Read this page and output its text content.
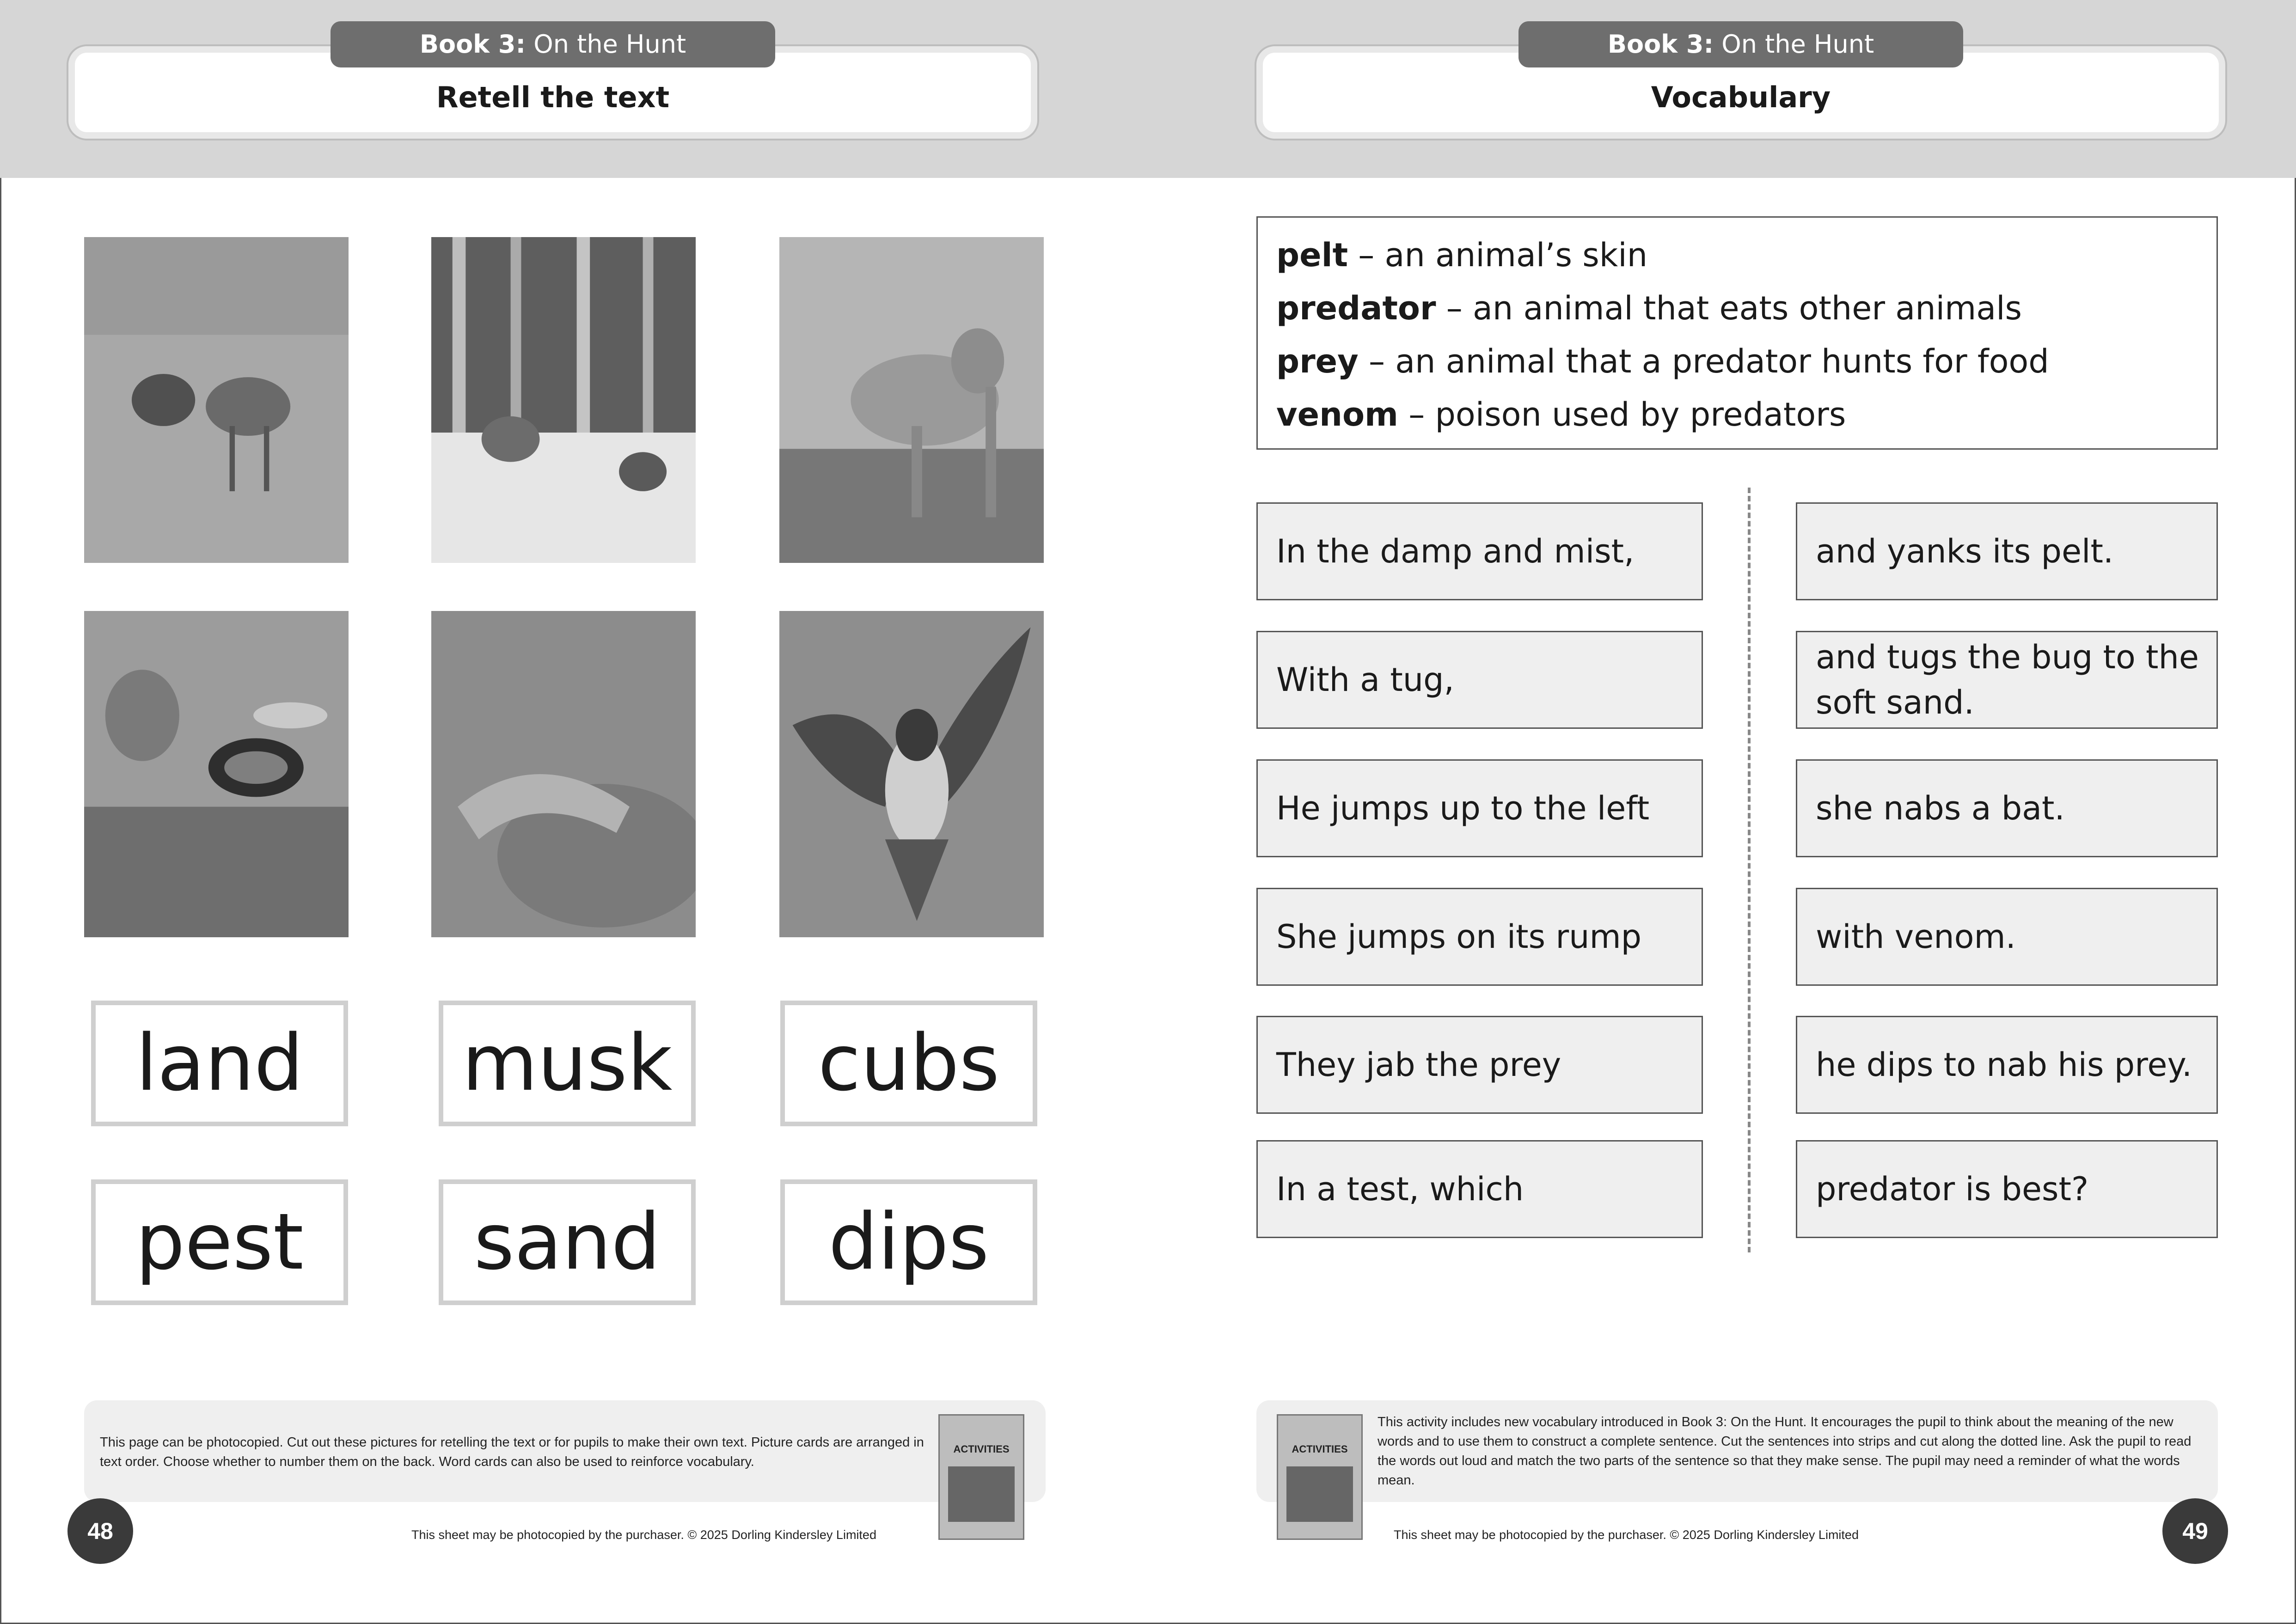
Retell the text
Book 3: On the Hunt
Vocabulary
Book 3: On the Hunt
land	musk	cubs
pest	sand	dips
This page can be photocopied. Cut out these pictures for retelling the text or for pupils to make their own text. Picture cards are arranged in text order. Choose whether to number them on the back. Word cards can also be used to reinforce vocabulary.
ACTIVITIES
48	This sheet may be photocopied by the purchaser. © 2025 Dorling Kindersley Limited
pelt – an animal’s skin
predator – an animal that eats other animals
prey – an animal that a predator hunts for food
venom – poison used by predators
In the damp and mist,
With a tug,
He jumps up to the left
She jumps on its rump
They jab the prey
In a test, which
and yanks its pelt.
and tugs the bug to the soft sand.
she nabs a bat.
with venom.
he dips to nab his prey.
predator is best?
This activity includes new vocabulary introduced in Book 3: On the Hunt. It encourages the pupil to think about the meaning of the new words and to use them to construct a complete sentence. Cut the sentences into strips and cut along the dotted line. Ask the pupil to read the words out loud and match the two parts of the sentence so that they make sense. The pupil may need a reminder of what the words mean.
ACTIVITIES
49
This sheet may be photocopied by the purchaser. © 2025 Dorling Kindersley Limited
